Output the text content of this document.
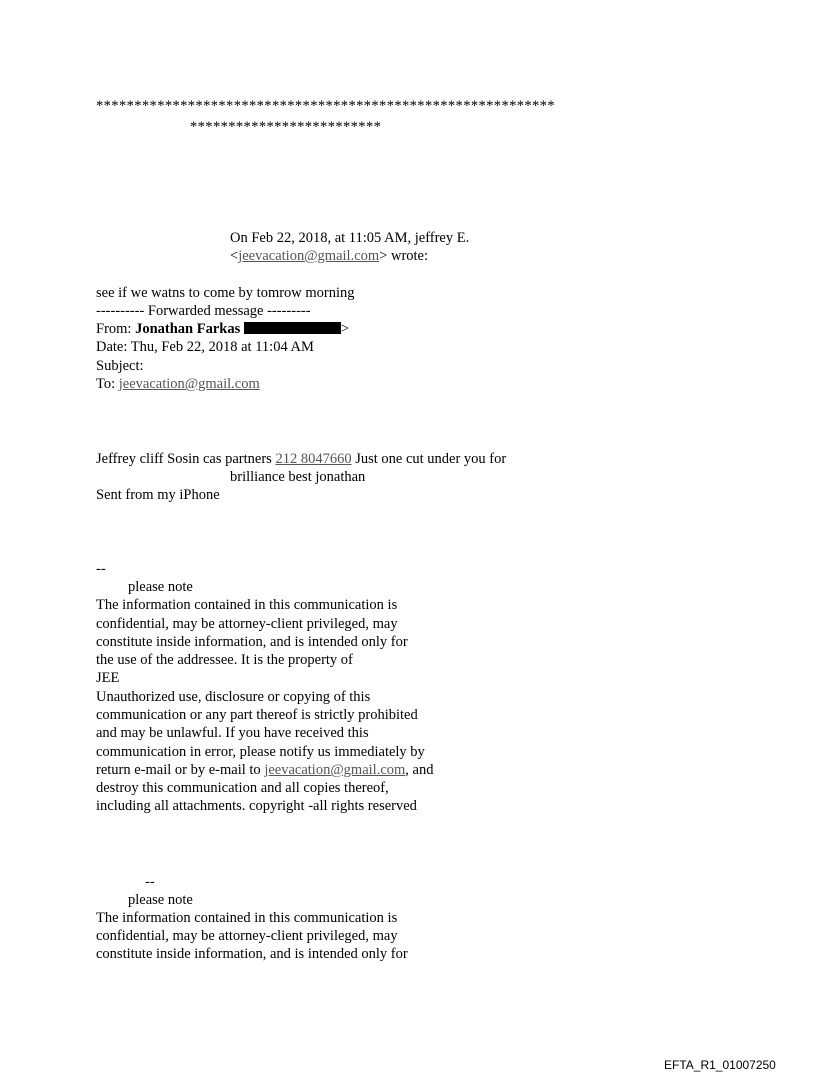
************************************************************
*************************
On Feb 22, 2018, at 11:05 AM, jeffrey E.
<jeevacation@gmail.com> wrote:
see if we watns to come by tomrow morning
---------- Forwarded message ---------
From: Jonathan Farkas	>
Date: Thu, Feb 22, 2018 at 11:04 AM
Subject:
To: jeevacation@gmail.com
Jeffrey cliff Sosin cas partners 212 8047660 Just one cut under you for
brilliance best jonathan
Sent from my iPhone
--
please note
The information contained in this communication is
confidential, may be attorney-client privileged, may
constitute inside information, and is intended only for
the use of the addressee. It is the property of
JEE
Unauthorized use, disclosure or copying of this
communication or any part thereof is strictly prohibited
and may be unlawful. If you have received this
communication in error, please notify us immediately by
return e-mail or by e-mail to jeevacation@gmail.com, and
destroy this communication and all copies thereof,
including all attachments. copyright -all rights reserved
--
please note
The information contained in this communication is
confidential, may be attorney-client privileged, may
constitute inside information, and is intended only for
EFTA_R1_01007250
